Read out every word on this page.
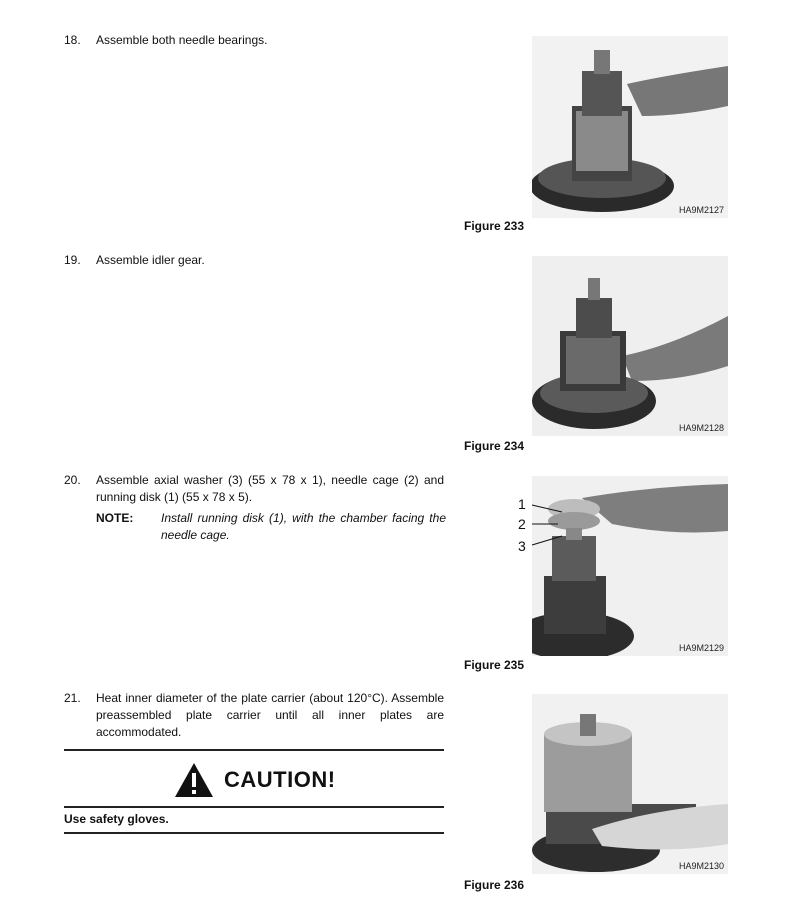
18. Assemble both needle bearings.
HA9M2127
Figure 233
19. Assemble idler gear.
HA9M2128
Figure 234
20. Assemble axial washer (3) (55 x 78 x 1), needle cage (2) and running disk (1) (55 x 78 x 5).
NOTE: Install running disk (1), with the chamber facing the needle cage.
HA9M2129
1
2
3
Figure 235
21. Heat inner diameter of the plate carrier (about 120°C). Assemble preassembled plate carrier until all inner plates are accommodated.
CAUTION!
Use safety gloves.
HA9M2130
Figure 236
